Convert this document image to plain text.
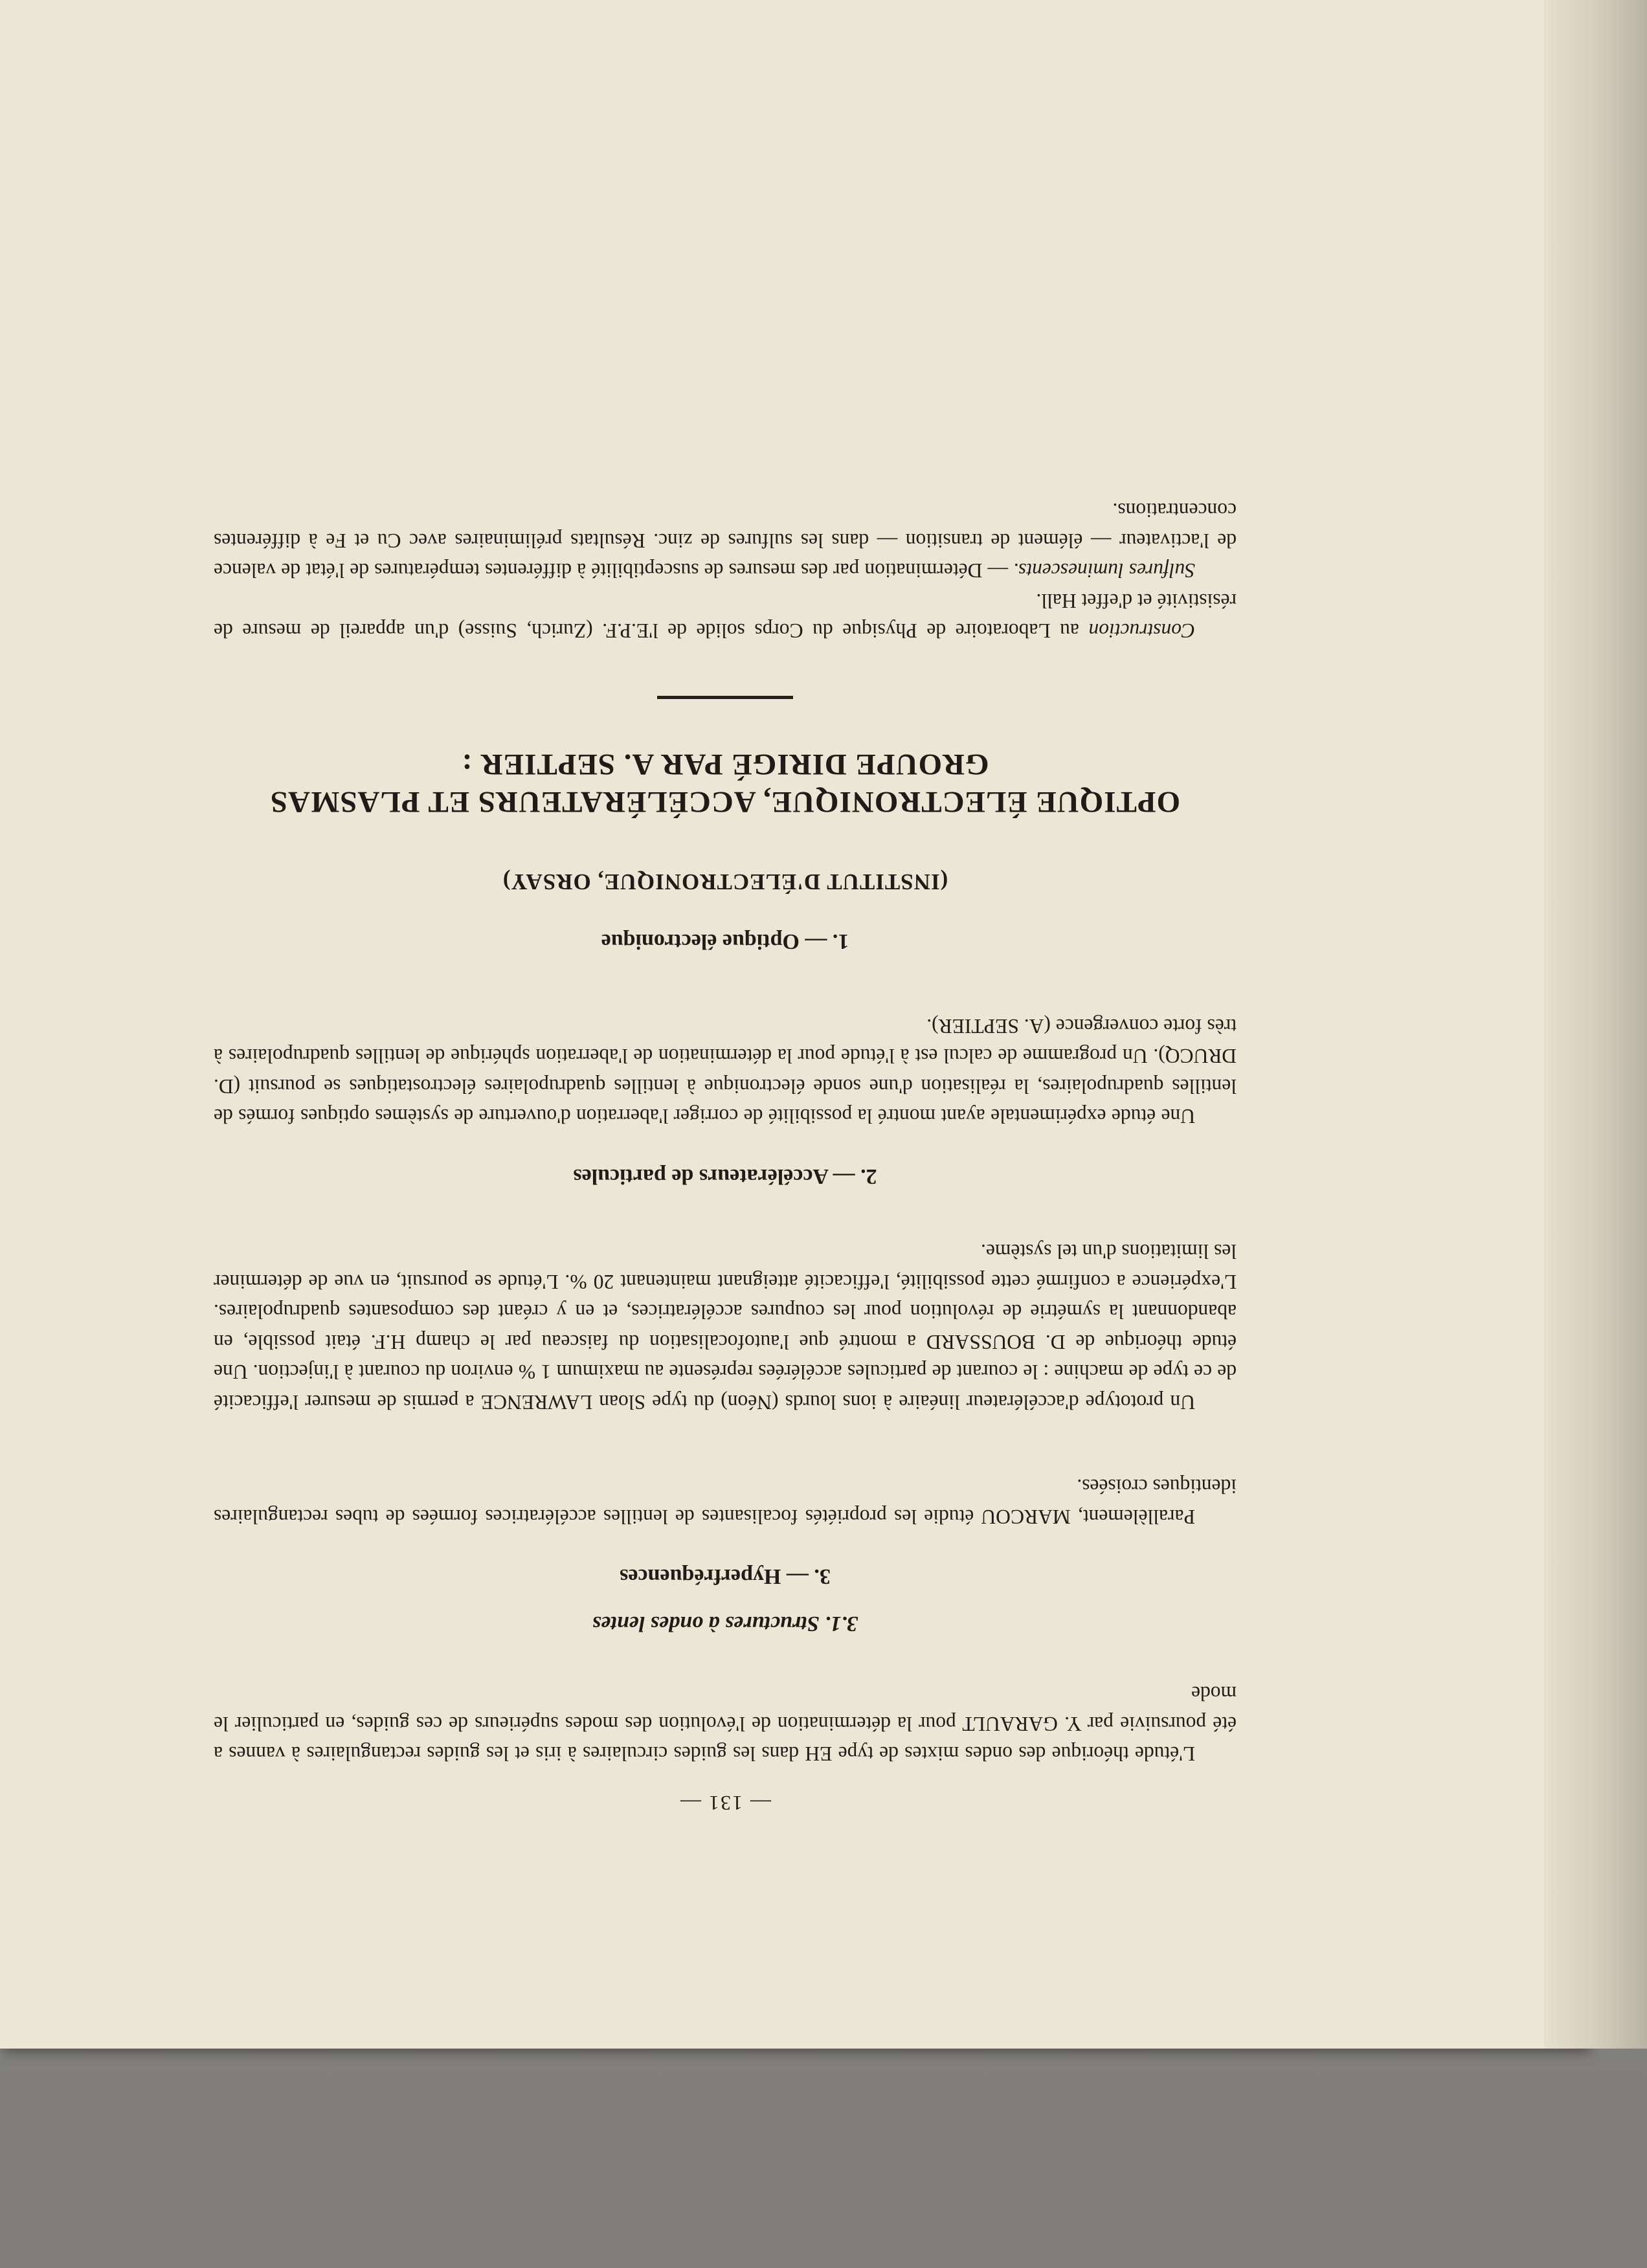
— 131 —

L'étude théorique des ondes mixtes de type EH dans les guides circulaires à iris et les guides rectangulaires à vannes a été poursuivie par Y. GARAULT pour la détermination de l'évolution des modes supérieurs de ces guides, en particulier le mode

3.1. Structures à ondes lentes
3. — Hyperfréquences

Parallèlement, MARCOU étudie les propriétés focalisantes de lentilles accélératrices formées de tubes rectangulaires identiques croisées.

Un prototype d'accélérateur linéaire à ions lourds (Néon) du type Sloan LAWRENCE a permis de mesurer l'efficacité de ce type de machine : le courant de particules accélérées représente au maximum 1 % environ du courant à l'injection. Une étude théorique de D. BOUSSARD a montré que l'autofocalisation du faisceau par le champ H.F. était possible, en abandonnant la symétrie de révolution pour les coupures accélératrices, et en y créant des composantes quadrupolaires. L'expérience a confirmé cette possibilité, l'efficacité atteignant maintenant 20 %. L'étude se poursuit, en vue de déterminer les limitations d'un tel système.

2. — Accélérateurs de particules

Une étude expérimentale ayant montré la possibilité de corriger l'aberration d'ouverture de systèmes optiques formés de lentilles quadrupolaires, la réalisation d'une sonde électronique à lentilles quadrupolaires électrostatiques se poursuit (D. DRUCQ). Un programme de calcul est à l'étude pour la détermination de l'aberration sphérique de lentilles quadrupolaires à très forte convergence (A. SEPTIER).

1. — Optique électronique
(INSTITUT D'ÉLECTRONIQUE, ORSAY)
OPTIQUE ÉLECTRONIQUE, ACCÉLÉRATEURS ET PLASMAS
GROUPE DIRIGÉ PAR A. SEPTIER :

Construction au Laboratoire de Physique du Corps solide de l'E.P.F. (Zurich, Suisse) d'un appareil de mesure de résistivité et d'effet Hall.

Sulfures luminescents. — Détermination par des mesures de susceptibilité à différentes températures de l'état de valence de l'activateur — élément de transition — dans les sulfures de zinc. Résultats préliminaires avec Cu et Fe à différentes concentrations.
